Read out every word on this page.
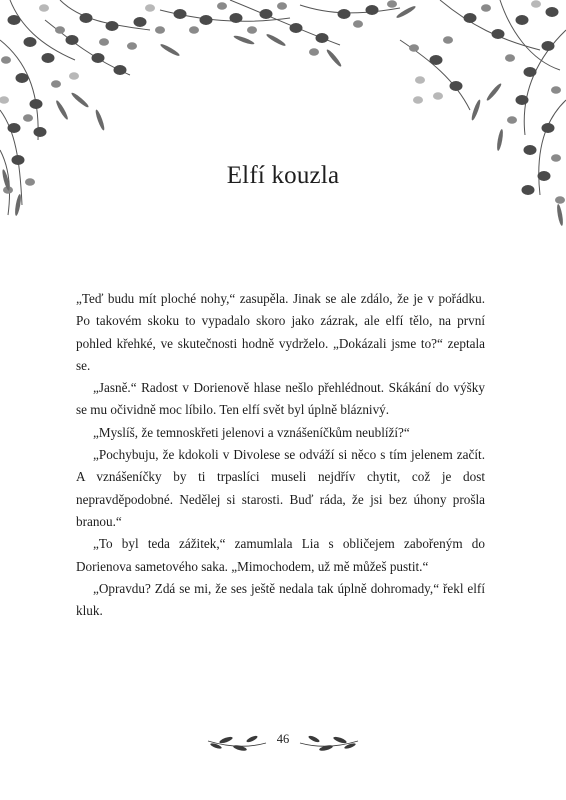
Elfí kouzla

„Teď budu mít ploché nohy,“ zasupěla. Jinak se ale zdálo, že je v pořádku. Po takovém skoku to vypadalo skoro jako zázrak, ale elfí tělo, na první pohled křehké, ve skutečnosti hodně vydrželo. „Dokázali jsme to?“ zeptala se.

„Jasně.“ Radost v Dorienově hlase nešlo přehlédnout. Skákání do výšky se mu očividně moc líbilo. Ten elfí svět byl úplně bláznivý.

„Myslíš, že temnoskřeti jelenovi a vznášeníčkům neublíží?“

„Pochybuju, že kdokoli v Divolese se odváží si něco s tím jelenem začít. A vznášeníčky by ti trpaslíci museli nejdřív chytit, což je dost nepravděpodobné. Nedělej si starosti. Buď ráda, že jsi bez úhony prošla branou.“

„To byl teda zážitek,“ zamumlala Lia s obličejem zabořeným do Dorienova sametového saka. „Mimochodem, už mě můžeš pustit.“

„Opravdu? Zdá se mi, že ses ještě nedala tak úplně dohromady,“ řekl elfí kluk.

46
